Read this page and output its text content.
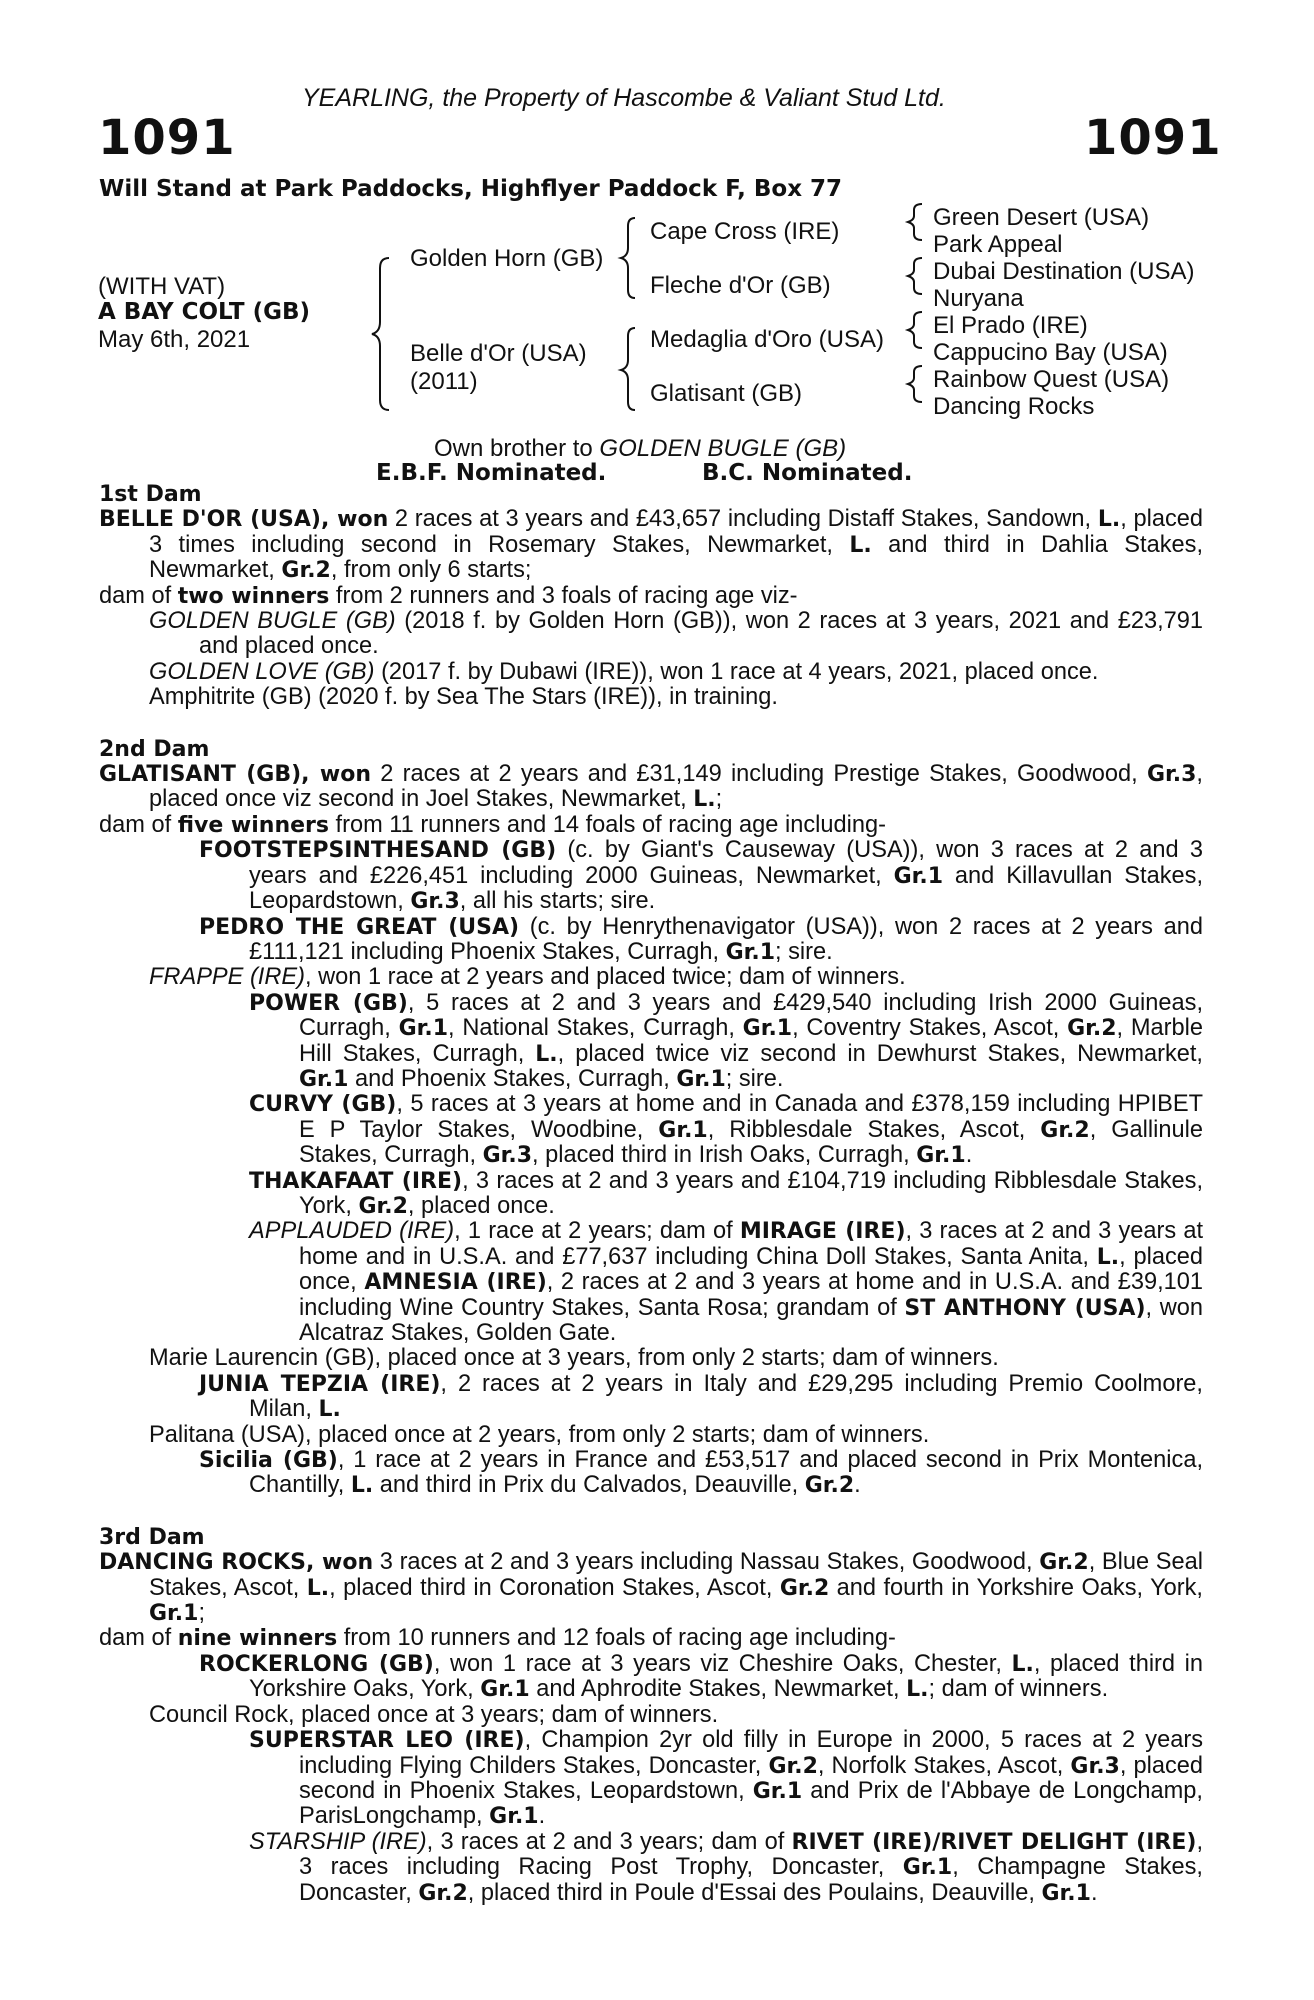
YEARLING, the Property of Hascombe & Valiant Stud Ltd.
1091	1091
Will Stand at Park Paddocks, Highflyer Paddock F, Box 77
(WITH VAT)
A BAY COLT (GB)
May 6th, 2021
Golden Horn (GB)
Belle d'Or (USA)
(2011)
Cape Cross (IRE)
Fleche d'Or (GB)
Medaglia d'Oro (USA)
Glatisant (GB)
Green Desert (USA)
Park Appeal
Dubai Destination (USA)
Nuryana
El Prado (IRE)
Cappucino Bay (USA)
Rainbow Quest (USA)
Dancing Rocks
Own brother to GOLDEN BUGLE (GB)
E.B.F. Nominated.	B.C. Nominated.
1st Dam
BELLE D'OR (USA), won 2 races at 3 years and £43,657 including Distaff Stakes, Sandown, L., placed 3 times including second in Rosemary Stakes, Newmarket, L. and third in Dahlia Stakes, Newmarket, Gr.2, from only 6 starts;
dam of two winners from 2 runners and 3 foals of racing age viz-
GOLDEN BUGLE (GB) (2018 f. by Golden Horn (GB)), won 2 races at 3 years, 2021 and £23,791 and placed once.
GOLDEN LOVE (GB) (2017 f. by Dubawi (IRE)), won 1 race at 4 years, 2021, placed once.
Amphitrite (GB) (2020 f. by Sea The Stars (IRE)), in training.
2nd Dam
GLATISANT (GB), won 2 races at 2 years and £31,149 including Prestige Stakes, Goodwood, Gr.3, placed once viz second in Joel Stakes, Newmarket, L.;
dam of five winners from 11 runners and 14 foals of racing age including-
FOOTSTEPSINTHESAND (GB) (c. by Giant's Causeway (USA)), won 3 races at 2 and 3 years and £226,451 including 2000 Guineas, Newmarket, Gr.1 and Killavullan Stakes, Leopardstown, Gr.3, all his starts; sire.
PEDRO THE GREAT (USA) (c. by Henrythenavigator (USA)), won 2 races at 2 years and £111,121 including Phoenix Stakes, Curragh, Gr.1; sire.
FRAPPE (IRE), won 1 race at 2 years and placed twice; dam of winners.
POWER (GB), 5 races at 2 and 3 years and £429,540 including Irish 2000 Guineas, Curragh, Gr.1, National Stakes, Curragh, Gr.1, Coventry Stakes, Ascot, Gr.2, Marble Hill Stakes, Curragh, L., placed twice viz second in Dewhurst Stakes, Newmarket, Gr.1 and Phoenix Stakes, Curragh, Gr.1; sire.
CURVY (GB), 5 races at 3 years at home and in Canada and £378,159 including HPIBET E P Taylor Stakes, Woodbine, Gr.1, Ribblesdale Stakes, Ascot, Gr.2, Gallinule Stakes, Curragh, Gr.3, placed third in Irish Oaks, Curragh, Gr.1.
THAKAFAAT (IRE), 3 races at 2 and 3 years and £104,719 including Ribblesdale Stakes, York, Gr.2, placed once.
APPLAUDED (IRE), 1 race at 2 years; dam of MIRAGE (IRE), 3 races at 2 and 3 years at home and in U.S.A. and £77,637 including China Doll Stakes, Santa Anita, L., placed once, AMNESIA (IRE), 2 races at 2 and 3 years at home and in U.S.A. and £39,101 including Wine Country Stakes, Santa Rosa; grandam of ST ANTHONY (USA), won Alcatraz Stakes, Golden Gate.
Marie Laurencin (GB), placed once at 3 years, from only 2 starts; dam of winners.
JUNIA TEPZIA (IRE), 2 races at 2 years in Italy and £29,295 including Premio Coolmore, Milan, L.
Palitana (USA), placed once at 2 years, from only 2 starts; dam of winners.
Sicilia (GB), 1 race at 2 years in France and £53,517 and placed second in Prix Montenica, Chantilly, L. and third in Prix du Calvados, Deauville, Gr.2.
3rd Dam
DANCING ROCKS, won 3 races at 2 and 3 years including Nassau Stakes, Goodwood, Gr.2, Blue Seal Stakes, Ascot, L., placed third in Coronation Stakes, Ascot, Gr.2 and fourth in Yorkshire Oaks, York, Gr.1;
dam of nine winners from 10 runners and 12 foals of racing age including-
ROCKERLONG (GB), won 1 race at 3 years viz Cheshire Oaks, Chester, L., placed third in Yorkshire Oaks, York, Gr.1 and Aphrodite Stakes, Newmarket, L.; dam of winners.
Council Rock, placed once at 3 years; dam of winners.
SUPERSTAR LEO (IRE), Champion 2yr old filly in Europe in 2000, 5 races at 2 years including Flying Childers Stakes, Doncaster, Gr.2, Norfolk Stakes, Ascot, Gr.3, placed second in Phoenix Stakes, Leopardstown, Gr.1 and Prix de l'Abbaye de Longchamp, ParisLongchamp, Gr.1.
STARSHIP (IRE), 3 races at 2 and 3 years; dam of RIVET (IRE)/RIVET DELIGHT (IRE), 3 races including Racing Post Trophy, Doncaster, Gr.1, Champagne Stakes, Doncaster, Gr.2, placed third in Poule d'Essai des Poulains, Deauville, Gr.1.
